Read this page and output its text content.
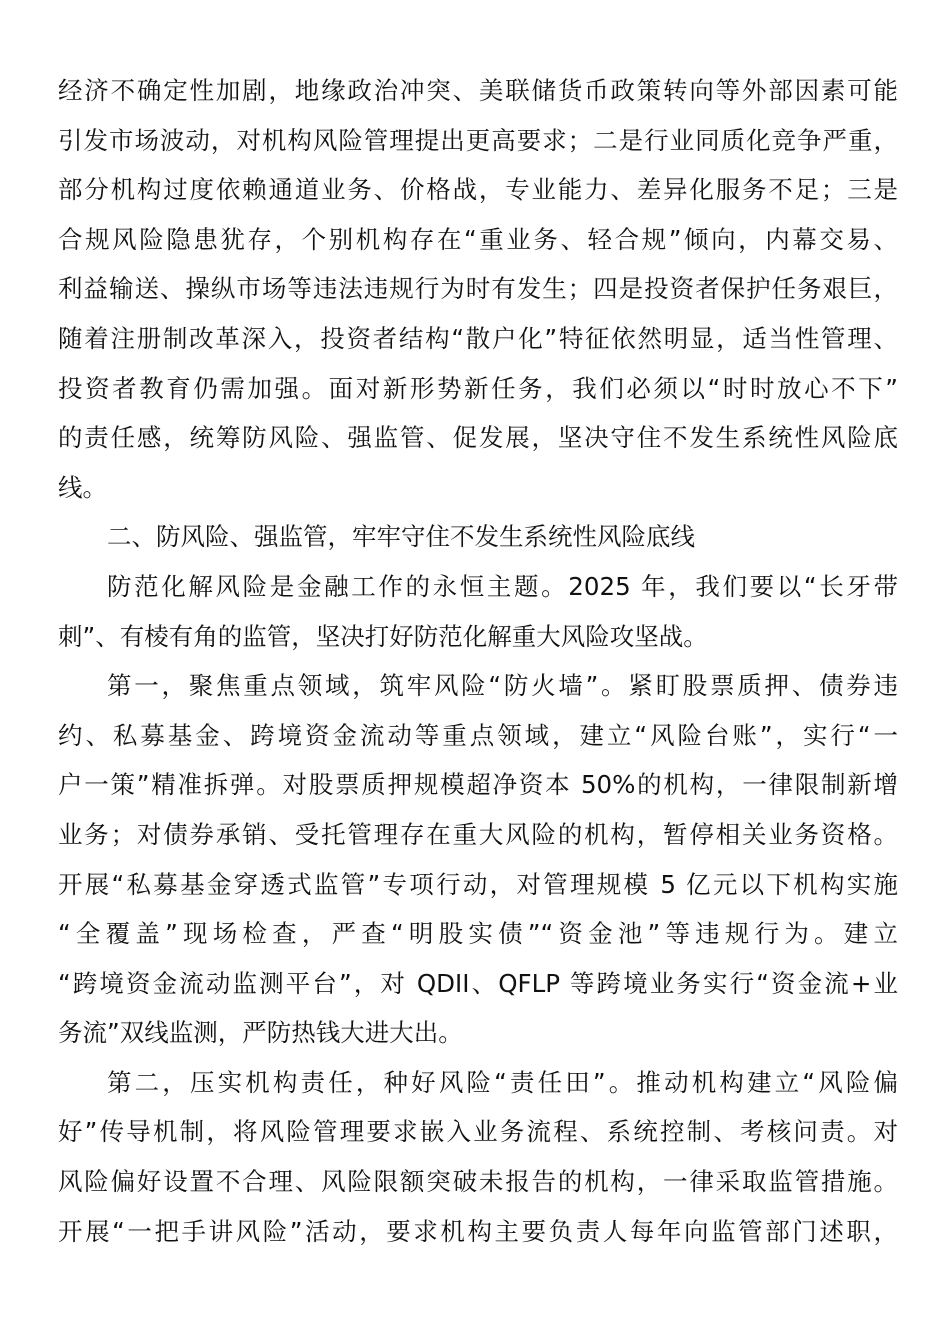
经济不确定性加剧，地缘政治冲突、美联储货币政策转向等外部因素可能
引发市场波动，对机构风险管理提出更高要求；二是行业同质化竞争严重，
部分机构过度依赖通道业务、价格战，专业能力、差异化服务不足；三是
合规风险隐患犹存，个别机构存在“重业务、轻合规”倾向，内幕交易、
利益输送、操纵市场等违法违规行为时有发生；四是投资者保护任务艰巨，
随着注册制改革深入，投资者结构“散户化”特征依然明显，适当性管理、
投资者教育仍需加强。面对新形势新任务，我们必须以“时时放心不下”
的责任感，统筹防风险、强监管、促发展，坚决守住不发生系统性风险底
线。
二、防风险、强监管，牢牢守住不发生系统性风险底线
防范化解风险是金融工作的永恒主题。2025 年，我们要以“长牙带
刺”、有棱有角的监管，坚决打好防范化解重大风险攻坚战。
第一，聚焦重点领域，筑牢风险“防火墙”。紧盯股票质押、债券违
约、私募基金、跨境资金流动等重点领域，建立“风险台账”，实行“一
户一策”精准拆弹。对股票质押规模超净资本 50%的机构，一律限制新增
业务；对债券承销、受托管理存在重大风险的机构，暂停相关业务资格。
开展“私募基金穿透式监管”专项行动，对管理规模 5 亿元以下机构实施
“全覆盖”现场检查，严查“明股实债”“资金池”等违规行为。建立
“跨境资金流动监测平台”，对 QDII、QFLP 等跨境业务实行“资金流+业
务流”双线监测，严防热钱大进大出。
第二，压实机构责任，种好风险“责任田”。推动机构建立“风险偏
好”传导机制，将风险管理要求嵌入业务流程、系统控制、考核问责。对
风险偏好设置不合理、风险限额突破未报告的机构，一律采取监管措施。
开展“一把手讲风险”活动，要求机构主要负责人每年向监管部门述职，
